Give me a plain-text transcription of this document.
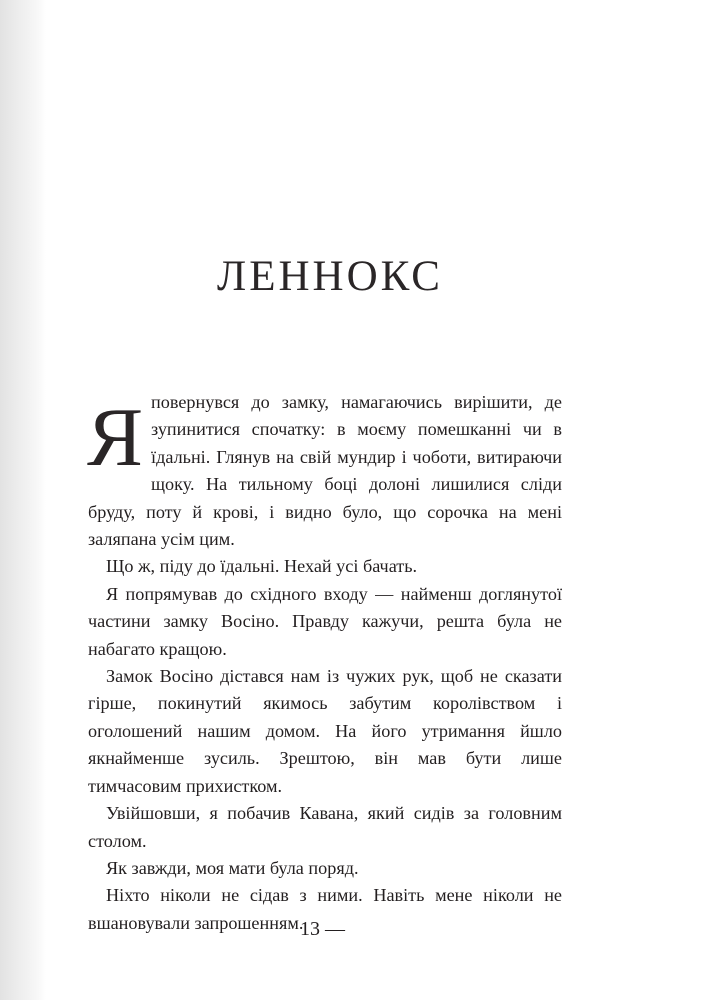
ЛЕННОКС

Яповернувся до замку, намагаючись вирішити, де зупинитися спочатку: в моєму помешканні чи в їдальні. Глянув на свій мундир і чоботи, витираючи щоку. На тильному боці долоні лишилися сліди бруду, поту й крові, і видно було, що сорочка на мені заляпана усім цим.

Що ж, піду до їдальні. Нехай усі бачать.

Я попрямував до східного входу — найменш доглянутої частини замку Восіно. Правду кажучи, решта була не набагато кращою.

Замок Восіно дістався нам із чужих рук, щоб не сказати гірше, покинутий якимось забутим королівством і оголошений нашим домом. На його утримання йшло якнайменше зусиль. Зрештою, він мав бути лише тимчасовим прихистком.

Увійшовши, я побачив Кавана, який сидів за головним столом.

Як завжди, моя мати була поряд.

Ніхто ніколи не сідав з ними. Навіть мене ніколи не вшановували запрошенням.

13 —
